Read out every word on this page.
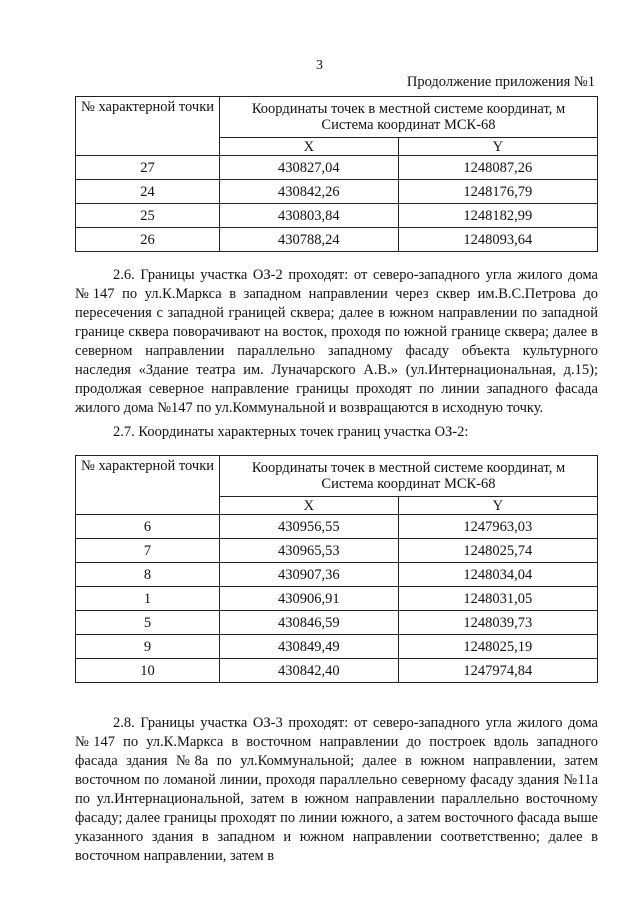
3
Продолжение приложения №1
№ характерной точки	Координаты точек в местной системе координат, м
Система координат МСК-68	

	X	Y
27	430827,04	1248087,26
24	430842,26	1248176,79
25	430803,84	1248182,99
26	430788,24	1248093,64

2.6. Границы участка ОЗ-2 проходят: от северо-западного угла жилого дома №147 по ул.К.Маркса в западном направлении через сквер им.В.С.Петрова до пересечения с западной границей сквера; далее в южном направлении по западной границе сквера поворачивают на восток, проходя по южной границе сквера; далее в северном направлении параллельно западному фасаду объекта культурного наследия «Здание театра им. Луначарского А.В.» (ул.Интернациональная, д.15); продолжая северное направление границы проходят по линии западного фасада жилого дома №147 по ул.Коммунальной и возвращаются в исходную точку.

2.7. Координаты характерных точек границ участка ОЗ-2:

№ характерной точки	Координаты точек в местной системе координат, м
Система координат МСК-68	

	X	Y
6	430956,55	1247963,03
7	430965,53	1248025,74
8	430907,36	1248034,04
1	430906,91	1248031,05
5	430846,59	1248039,73
9	430849,49	1248025,19
10	430842,40	1247974,84

2.8. Границы участка ОЗ-3 проходят: от северо-западного угла жилого дома №147 по ул.К.Маркса в восточном направлении до построек вдоль западного фасада здания №8а по ул.Коммунальной; далее в южном направлении, затем восточном по ломаной линии, проходя параллельно северному фасаду здания №11а по ул.Интернациональной, затем в южном направлении параллельно восточному фасаду; далее границы проходят по линии южного, а затем восточного фасада выше указанного здания в западном и южном направлении соответственно; далее в восточном направлении, затем в
